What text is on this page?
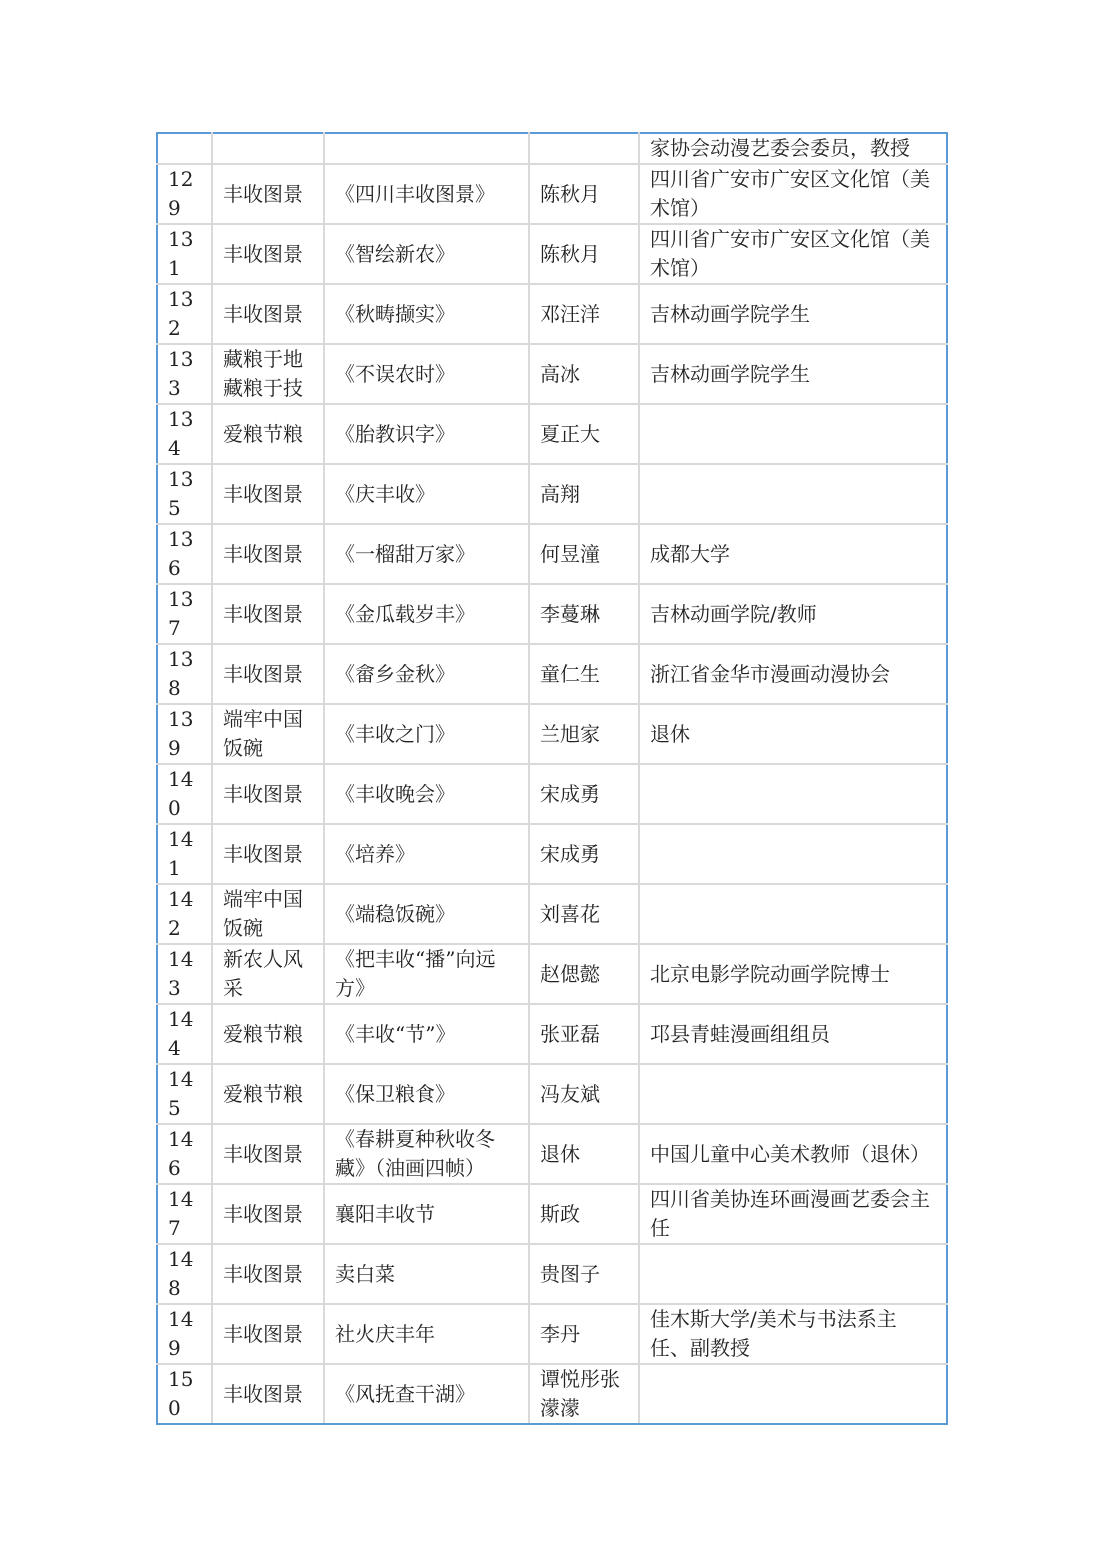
				家协会动漫艺委会委员，教授
129	丰收图景	《四川丰收图景》	陈秋月	四川省广安市广安区文化馆（美术馆）
131	丰收图景	《智绘新农》	陈秋月	四川省广安市广安区文化馆（美术馆）
132	丰收图景	《秋畴撷实》	邓汪洋	吉林动画学院学生
133	藏粮于地藏粮于技	《不误农时》	高冰	吉林动画学院学生
134	爱粮节粮	《胎教识字》	夏正大	
135	丰收图景	《庆丰收》	高翔	
136	丰收图景	《一榴甜万家》	何昱潼	成都大学
137	丰收图景	《金瓜载岁丰》	李蔓琳	吉林动画学院/教师
138	丰收图景	《畲乡金秋》	童仁生	浙江省金华市漫画动漫协会
139	端牢中国饭碗	《丰收之门》	兰旭家	退休
140	丰收图景	《丰收晚会》	宋成勇	
141	丰收图景	《培养》	宋成勇	
142	端牢中国饭碗	《端稳饭碗》	刘喜花	
143	新农人风采	《把丰收“播”向远方》	赵偲懿	北京电影学院动画学院博士
144	爱粮节粮	《丰收“节”》	张亚磊	邛县青蛙漫画组组员
145	爱粮节粮	《保卫粮食》	冯友斌	
146	丰收图景	《春耕夏种秋收冬藏》（油画四帧）	退休	中国儿童中心美术教师（退休）
147	丰收图景	襄阳丰收节	斯政	四川省美协连环画漫画艺委会主任
148	丰收图景	卖白菜	贵图子	
149	丰收图景	社火庆丰年	李丹	佳木斯大学/美术与书法系主任、副教授
150	丰收图景	《风抚查干湖》	谭悦彤张濛濛	
